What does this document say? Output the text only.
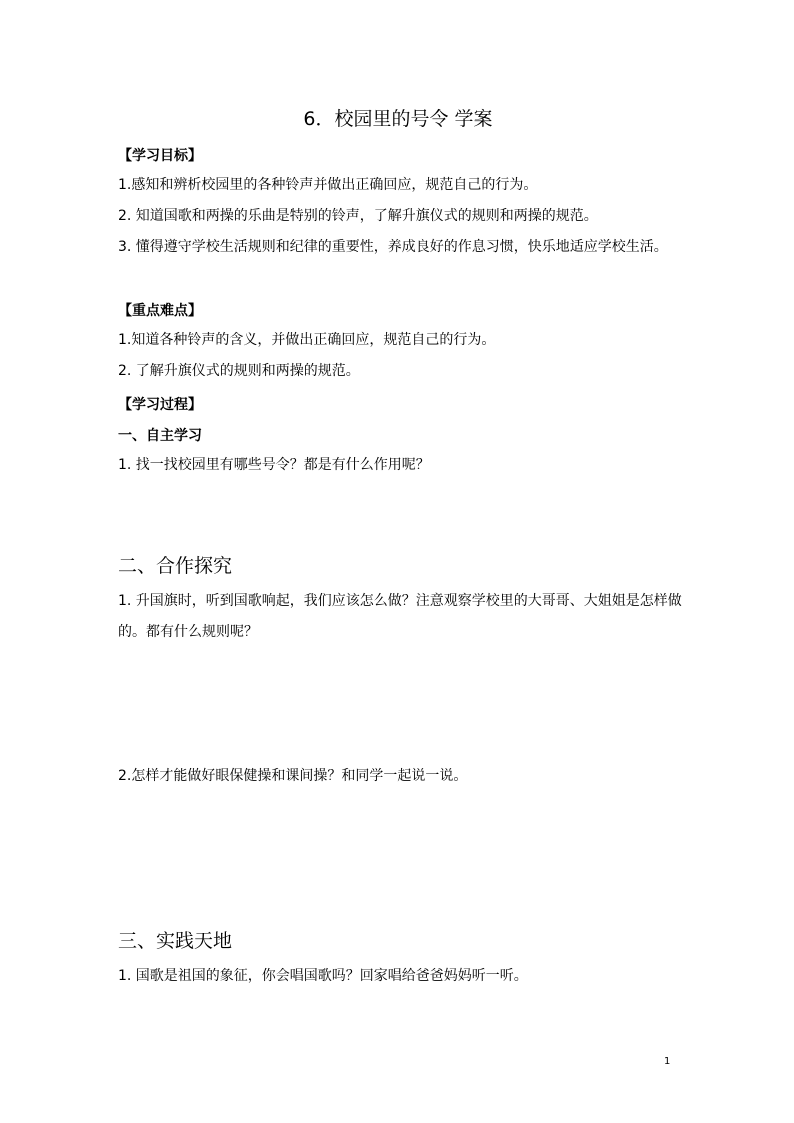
6．校园里的号令 学案
【学习目标】
1.感知和辨析校园里的各种铃声并做出正确回应，规范自己的行为。
2. 知道国歌和两操的乐曲是特别的铃声，了解升旗仪式的规则和两操的规范。
3. 懂得遵守学校生活规则和纪律的重要性，养成良好的作息习惯，快乐地适应学校生活。
【重点难点】
1.知道各种铃声的含义，并做出正确回应，规范自己的行为。
2. 了解升旗仪式的规则和两操的规范。
【学习过程】
一、自主学习
1. 找一找校园里有哪些号令？都是有什么作用呢？
二、合作探究
1. 升国旗时，听到国歌响起，我们应该怎么做？注意观察学校里的大哥哥、大姐姐是怎样做的。都有什么规则呢？
2.怎样才能做好眼保健操和课间操？和同学一起说一说。
三、实践天地
1. 国歌是祖国的象征，你会唱国歌吗？回家唱给爸爸妈妈听一听。
1
